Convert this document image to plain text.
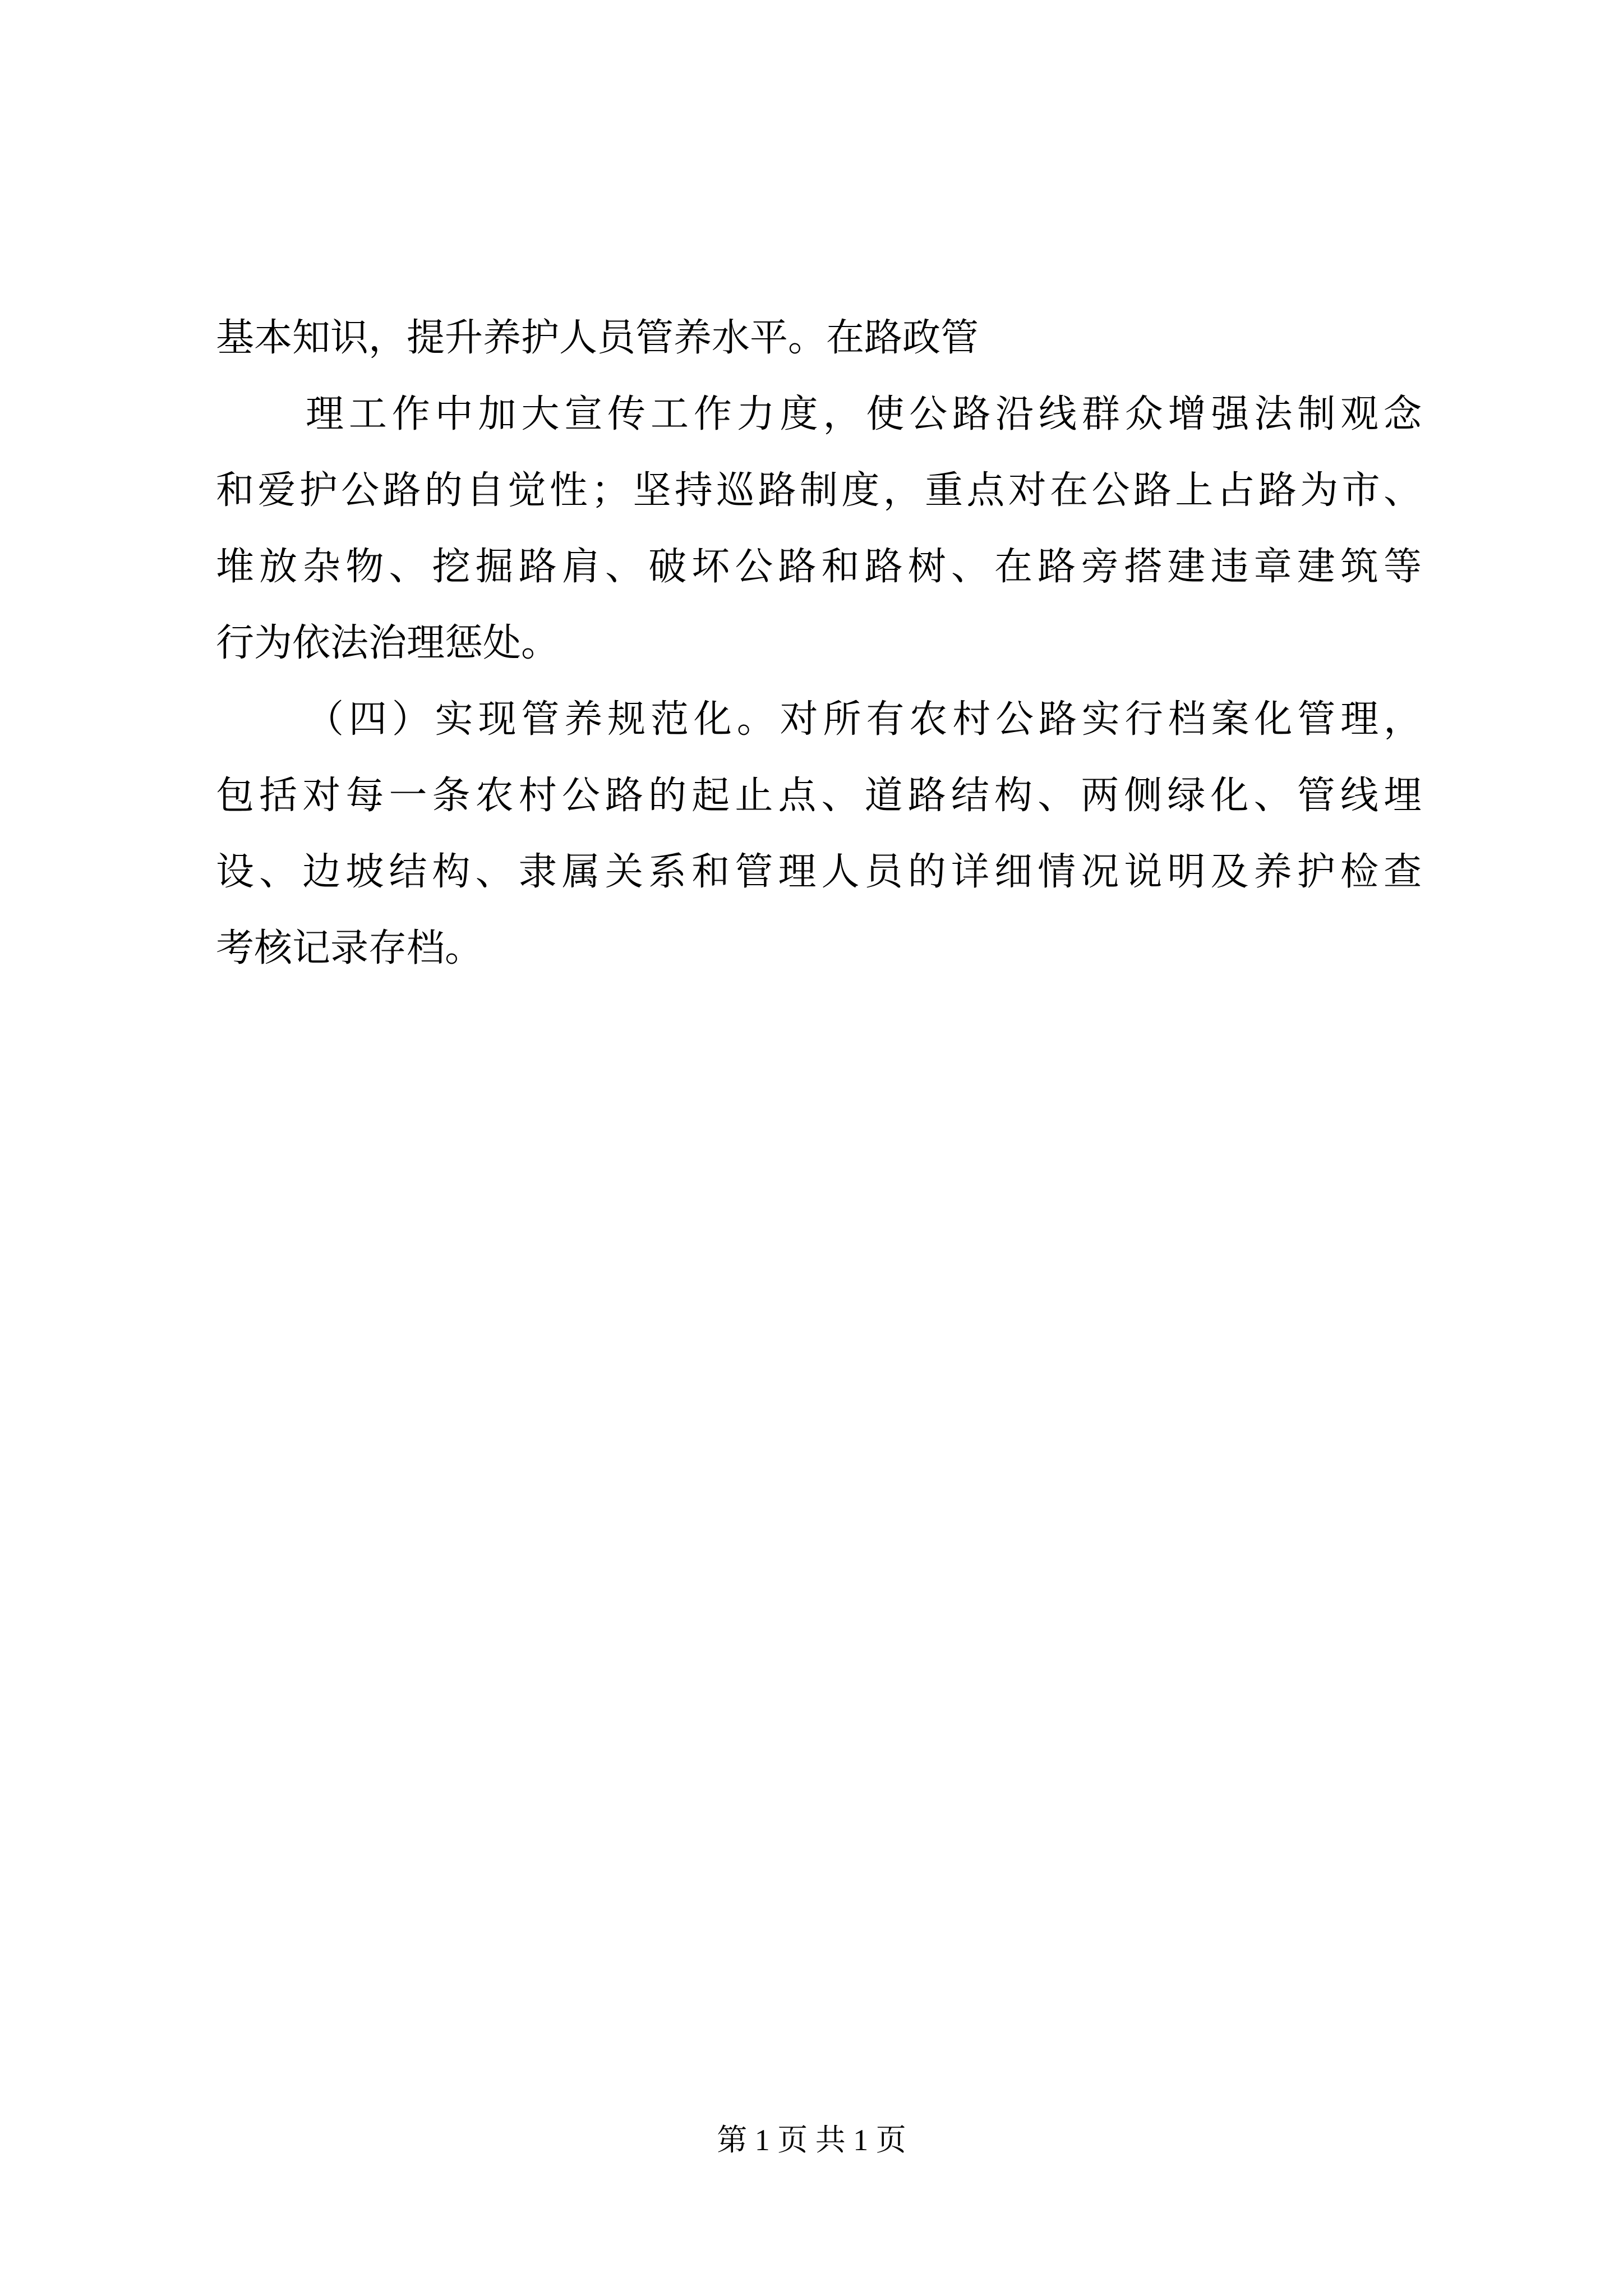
基本知识，提升养护人员管养水平。在路政管
理工作中加大宣传工作力度，使公路沿线群众增强法制观念
和爱护公路的自觉性；坚持巡路制度，重点对在公路上占路为市、
堆放杂物、挖掘路肩、破坏公路和路树、在路旁搭建违章建筑等
行为依法治理惩处。
（四）实现管养规范化。对所有农村公路实行档案化管理，
包括对每一条农村公路的起止点、道路结构、两侧绿化、管线埋
设、边坡结构、隶属关系和管理人员的详细情况说明及养护检查
考核记录存档。
第 1 页 共 1 页
